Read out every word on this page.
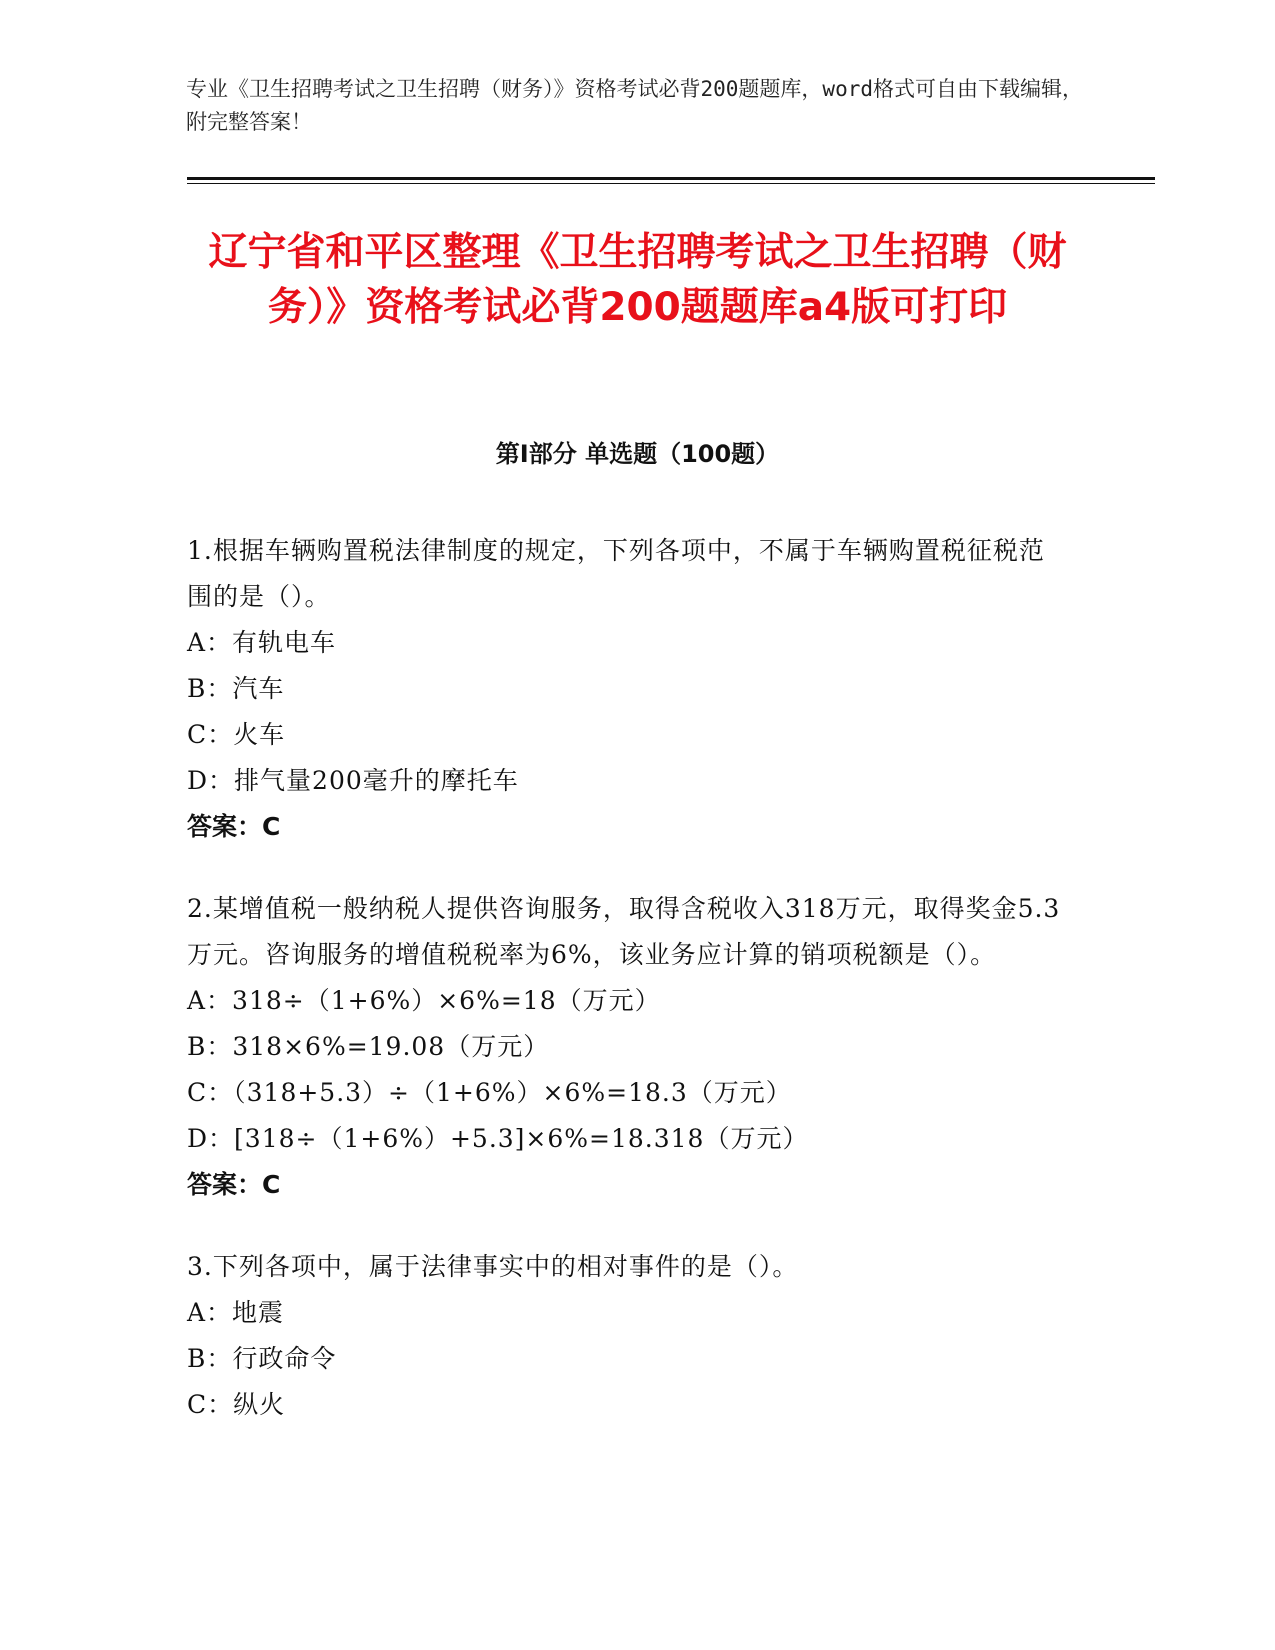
专业《卫生招聘考试之卫生招聘（财务）》资格考试必背200题题库，word格式可自由下载编辑，附完整答案！
辽宁省和平区整理《卫生招聘考试之卫生招聘（财务）》资格考试必背200题题库a4版可打印
第I部分 单选题（100题）
1.根据车辆购置税法律制度的规定，下列各项中，不属于车辆购置税征税范围的是（）。
A：有轨电车
B：汽车
C：火车
D：排气量200毫升的摩托车
答案：C
2.某增值税一般纳税人提供咨询服务，取得含税收入318万元，取得奖金5.3万元。咨询服务的增值税税率为6%，该业务应计算的销项税额是（）。
A：318÷（1+6%）×6%=18（万元）
B：318×6%=19.08（万元）
C：（318+5.3）÷（1+6%）×6%=18.3（万元）
D：[318÷（1+6%）+5.3]×6%=18.318（万元）
答案：C
3.下列各项中，属于法律事实中的相对事件的是（）。
A：地震
B：行政命令
C：纵火
